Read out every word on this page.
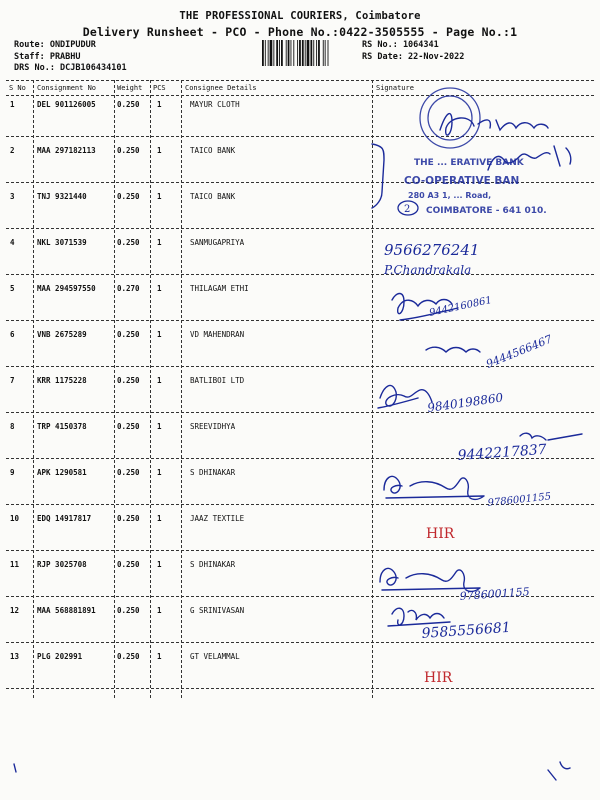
THE PROFESSIONAL COURIERS, Coimbatore
Delivery Runsheet - PCO - Phone No.:0422-3505555 - Page No.:1
Route: ONDIPUDUR
Staff: PRABHU
DRS No.: DCJB106434101
RS No.: 1064341
RS Date: 22-Nov-2022
S No Consignment No	Weight PCS	Consignee Details	Signature
1	DEL 901126005	0.250 1	MAYUR CLOTH
2	MAA 297182113	0.250 1	TAICO BANK
3	TNJ 9321440	0.250 1	TAICO BANK
4	NKL 3071539	0.250 1	SANMUGAPRIYA
5	MAA 294597550	0.270 1	THILAGAM ETHI
6	VNB 2675289	0.250 1	VD MAHENDRAN
7	KRR 1175228	0.250 1	BATLIBOI LTD
8	TRP 4150378	0.250 1	SREEVIDHYA
9	APK 1290581	0.250 1	S DHINAKAR
10 EDQ 14917817	0.250 1	JAAZ TEXTILE
11 RJP 3025708	0.250 1	S DHINAKAR
12 MAA 568881891	0.250 1	G SRINIVASAN
13 PLG 202991	0.250 1	GT VELAMMAL
THE ... ERATIVE BANK
CO-OPERATIVE BAN
280 A3 1, ... Road,
COIMBATORE - 641 010.
2
9566276241
P.Chandrakala
9442160861
9444566467
9840198860
9442217837
9786001155
9786001155
9585556681
HIR
HIR
